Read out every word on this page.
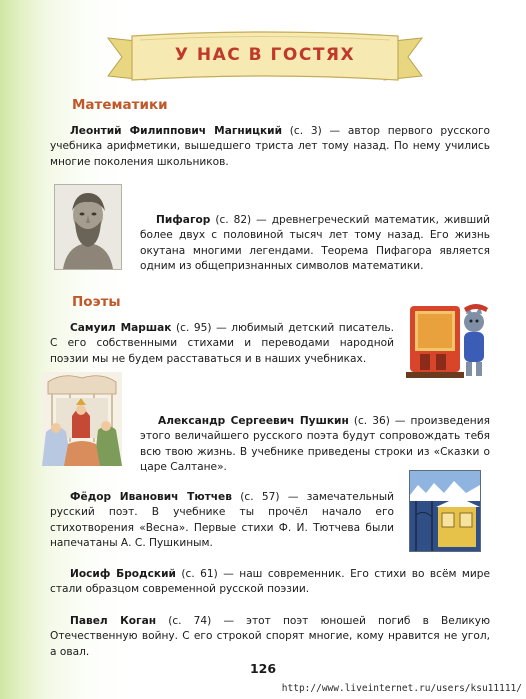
У НАС В ГОСТЯХ
Математики

Леонтий Филиппович Магницкий (с. 3) — автор первого русского учебника арифметики, вышедшего триста лет тому назад. По нему учились многие поколения школьников.

Пифагор (с. 82) — древнегреческий математик, живший более двух с половиной тысяч лет тому назад. Его жизнь окутана многими легендами. Теорема Пифагора является одним из общепризнанных символов математики.

Поэты

Самуил Маршак (с. 95) — любимый детский писатель. С его собственными стихами и переводами народной поэзии мы не будем расставаться и в наших учебниках.

Александр Сергеевич Пушкин (с. 36) — произведения этого величайшего русского поэта будут сопровождать тебя всю твою жизнь. В учебнике приведены строки из «Сказки о царе Салтане».

Фёдор Иванович Тютчев (с. 57) — замечательный русский поэт. В учебнике ты прочёл начало его стихотворения «Весна». Первые стихи Ф. И. Тютчева были напечатаны А. С. Пушкиным.

Иосиф Бродский (с. 61) — наш современник. Его стихи во всём мире стали образцом современной русской поэзии.

Павел Коган (с. 74) — этот поэт юношей погиб в Великую Отечественную войну. С его строкой спорят многие, кому нравится не угол, а овал.

126
http://www.liveinternet.ru/users/ksu11111/
